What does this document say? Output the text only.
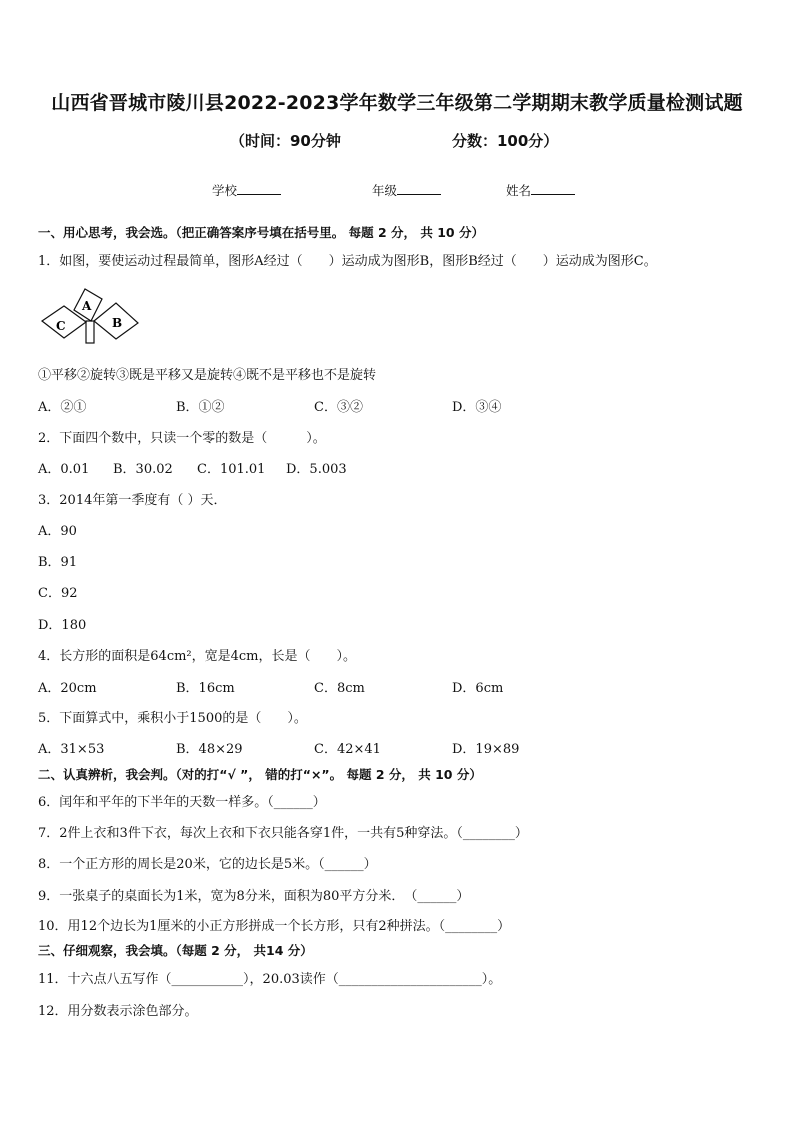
山西省晋城市陵川县2022-2023学年数学三年级第二学期期末教学质量检测试题
（时间：90分钟	分数：100分）
学校	年级	姓名
一、用心思考，我会选。（把正确答案序号填在括号里。 每题 2 分， 共 10 分）
1．如图，要使运动过程最简单，图形A经过（　　）运动成为图形B，图形B经过（　　）运动成为图形C。
A
B
C
①平移②旋转③既是平移又是旋转④既不是平移也不是旋转
A．②①	B．①②	C．③②	D．③④
2．下面四个数中，只读一个零的数是（　　　）。
A．0.01 B．30.02 C．101.01 D．5.003
3．2014年第一季度有（ ）天．
A．90
B．91
C．92
D．180
4．长方形的面积是64cm²，宽是4cm，长是（　　）。
A．20cm	B．16cm	C．8cm	D．6cm
5．下面算式中，乘积小于1500的是（　　）。
A．31×53	B．48×29	C．42×41	D．19×89
二、认真辨析，我会判。（对的打“√ ”， 错的打“×”。 每题 2 分， 共 10 分）
6．闰年和平年的下半年的天数一样多。（______）
7．2件上衣和3件下衣，每次上衣和下衣只能各穿1件，一共有5种穿法。（________）
8．一个正方形的周长是20米，它的边长是5米。（______）
9．一张桌子的桌面长为1米，宽为8分米，面积为80平方分米．　（______）
10．用12个边长为1厘米的小正方形拼成一个长方形，只有2种拼法。（________）
三、仔细观察，我会填。（每题 2 分， 共14 分）
11．十六点八五写作（___________），20.03读作（______________________）。
12．用分数表示涂色部分。
